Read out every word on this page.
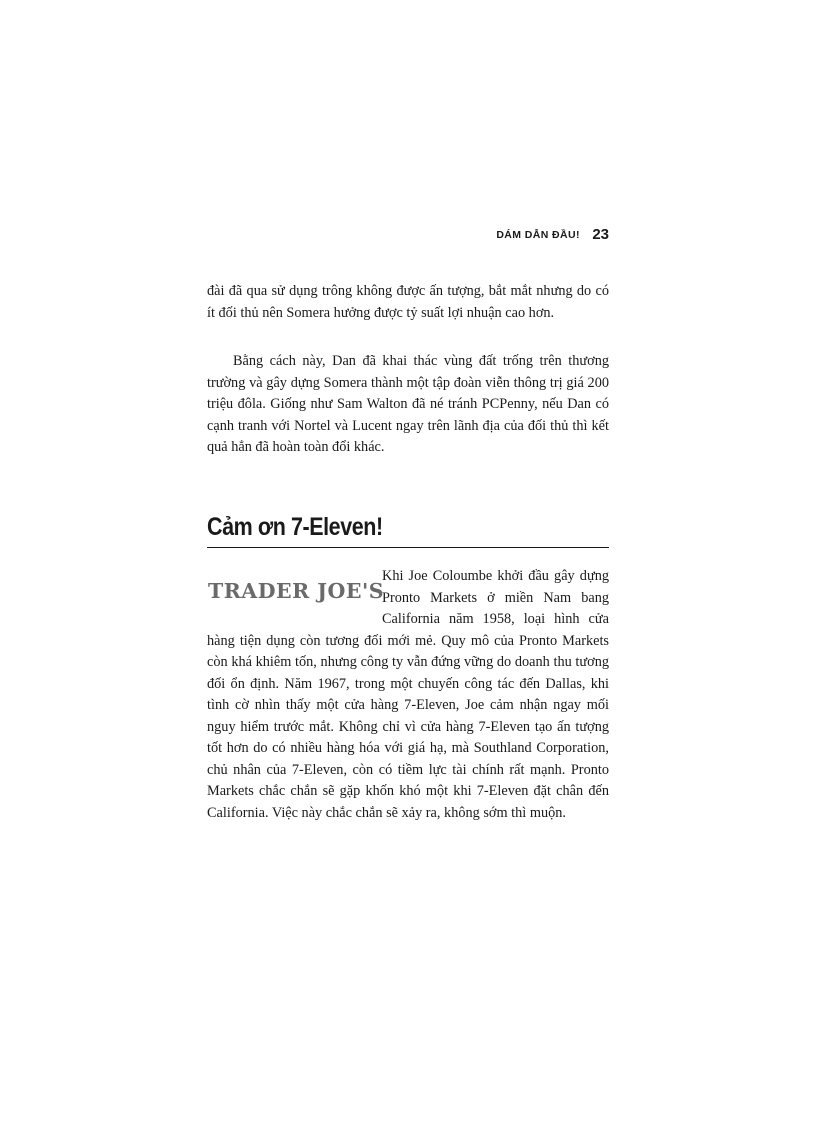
DÁM DẪN ĐẦU! 23

đài đã qua sử dụng trông không được ấn tượng, bắt mắt nhưng do có ít đối thủ nên Somera hưởng được tỷ suất lợi nhuận cao hơn.

Bằng cách này, Dan đã khai thác vùng đất trống trên thương trường và gây dựng Somera thành một tập đoàn viễn thông trị giá 200 triệu đôla. Giống như Sam Walton đã né tránh PCPenny, nếu Dan có cạnh tranh với Nortel và Lucent ngay trên lãnh địa của đối thủ thì kết quả hẳn đã hoàn toàn đổi khác.

Cảm ơn 7-Eleven!
TRADER JOE'S
Khi Joe Coloumbe khởi đầu gây dựng Pronto Markets ở miền Nam bang California năm 1958, loại hình cửa hàng tiện dụng còn tương đối mới mẻ. Quy mô của Pronto Markets còn khá khiêm tốn, nhưng công ty vẫn đứng vững do doanh thu tương đối ổn định. Năm 1967, trong một chuyến công tác đến Dallas, khi tình cờ nhìn thấy một cửa hàng 7-Eleven, Joe cảm nhận ngay mối nguy hiểm trước mắt. Không chỉ vì cửa hàng 7-Eleven tạo ấn tượng tốt hơn do có nhiều hàng hóa với giá hạ, mà Southland Corporation, chủ nhân của 7-Eleven, còn có tiềm lực tài chính rất mạnh. Pronto Markets chắc chắn sẽ gặp khốn khó một khi 7-Eleven đặt chân đến California. Việc này chắc chắn sẽ xảy ra, không sớm thì muộn.
